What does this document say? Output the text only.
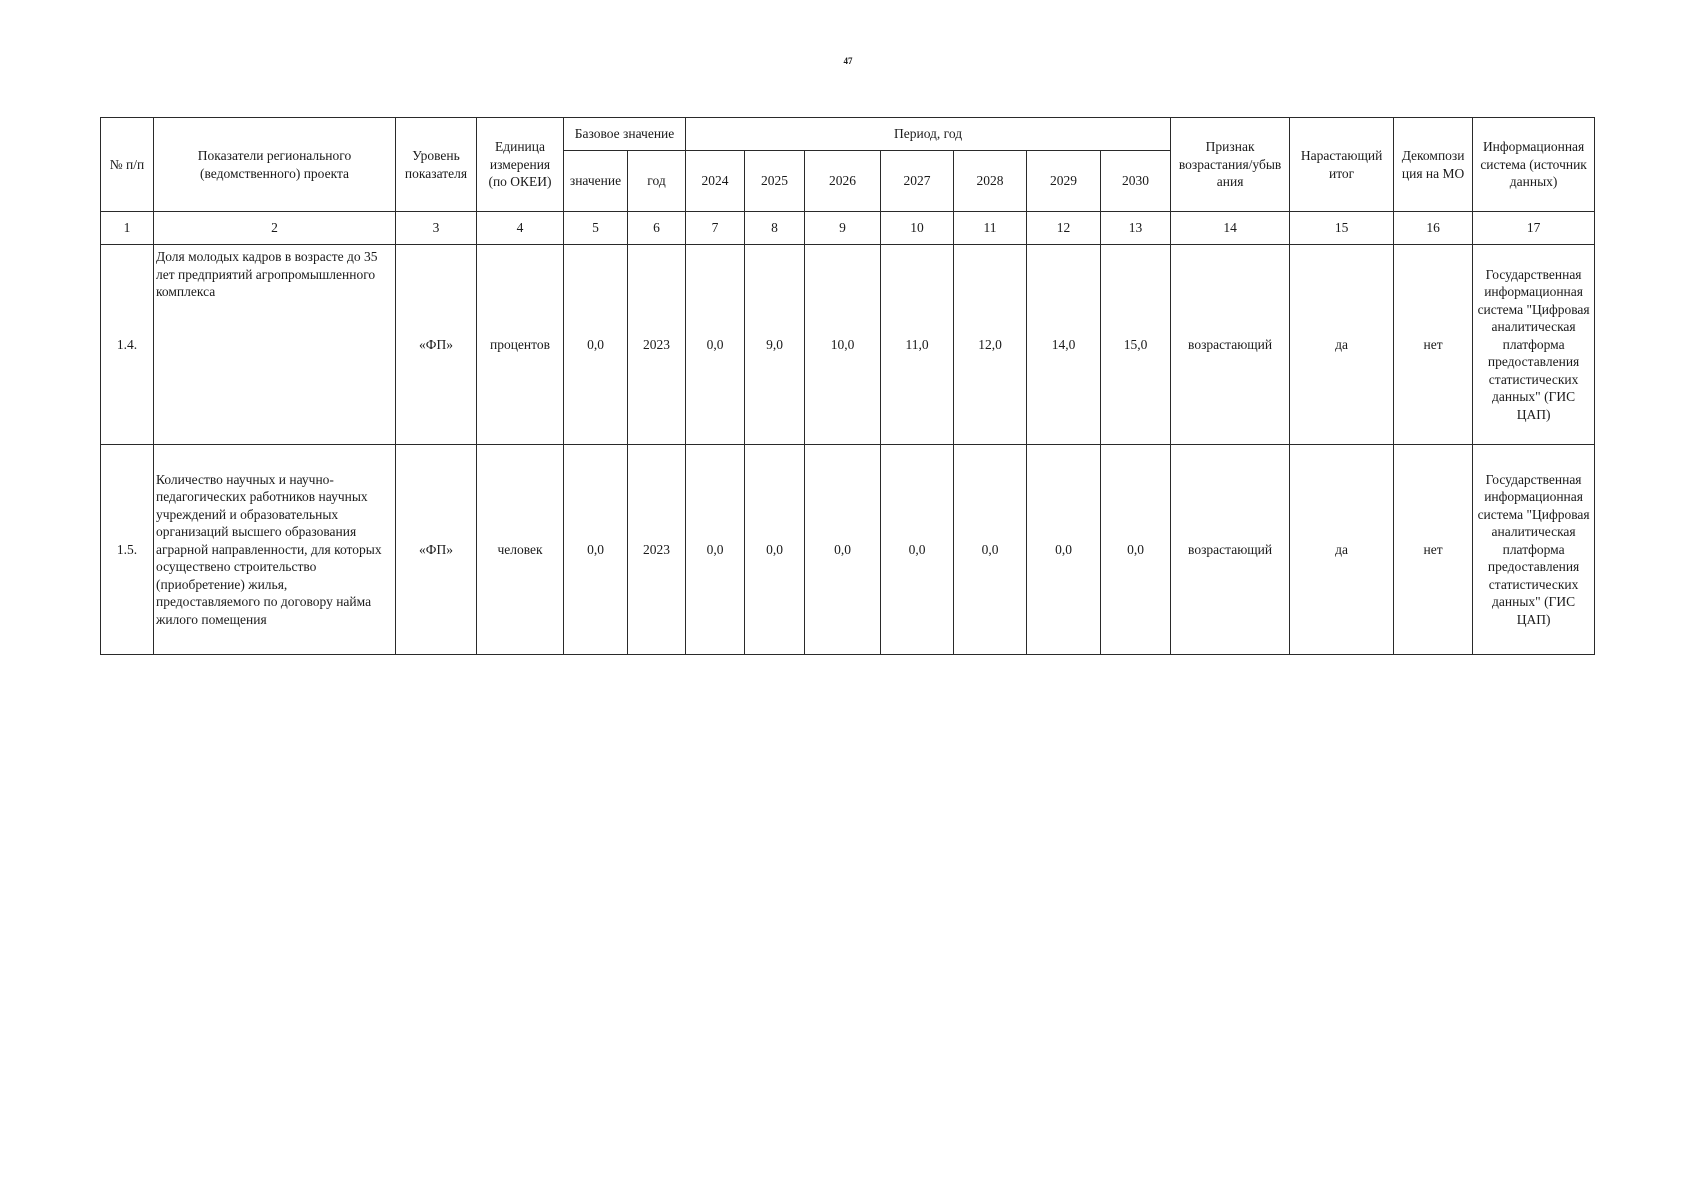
47
№ п/п	Показатели регионального (ведомственного) проекта	Уровень показателя	Единица измерения (по ОКЕИ)	Базовое значение		Период, год							Признак возрастания/убыв ания	Нарастающий итог	Декомпози ция на МО	Информационная система (источник данных)
				значение	год	2024	2025	2026	2027	2028	2029	2030				
1	2	3	4	5	6	7	8	9	10	11	12	13	14	15	16	17
1.4.	Доля молодых кадров в возрасте до 35 лет предприятий агропромышленного комплекса	«ФП»	процентов	0,0	2023	0,0	9,0	10,0	11,0	12,0	14,0	15,0	возрастающий	да	нет	Государственная информационная система "Цифровая аналитическая платформа предоставления статистических данных" (ГИС ЦАП)
1.5.	Количество научных и научно-педагогических работников научных учреждений и образовательных организаций высшего образования аграрной направленности, для которых осуществено строительство (приобретение) жилья, предоставляемого по договору найма жилого помещения	«ФП»	человек	0,0	2023	0,0	0,0	0,0	0,0	0,0	0,0	0,0	возрастающий	да	нет	Государственная информационная система "Цифровая аналитическая платформа предоставления статистических данных" (ГИС ЦАП)
